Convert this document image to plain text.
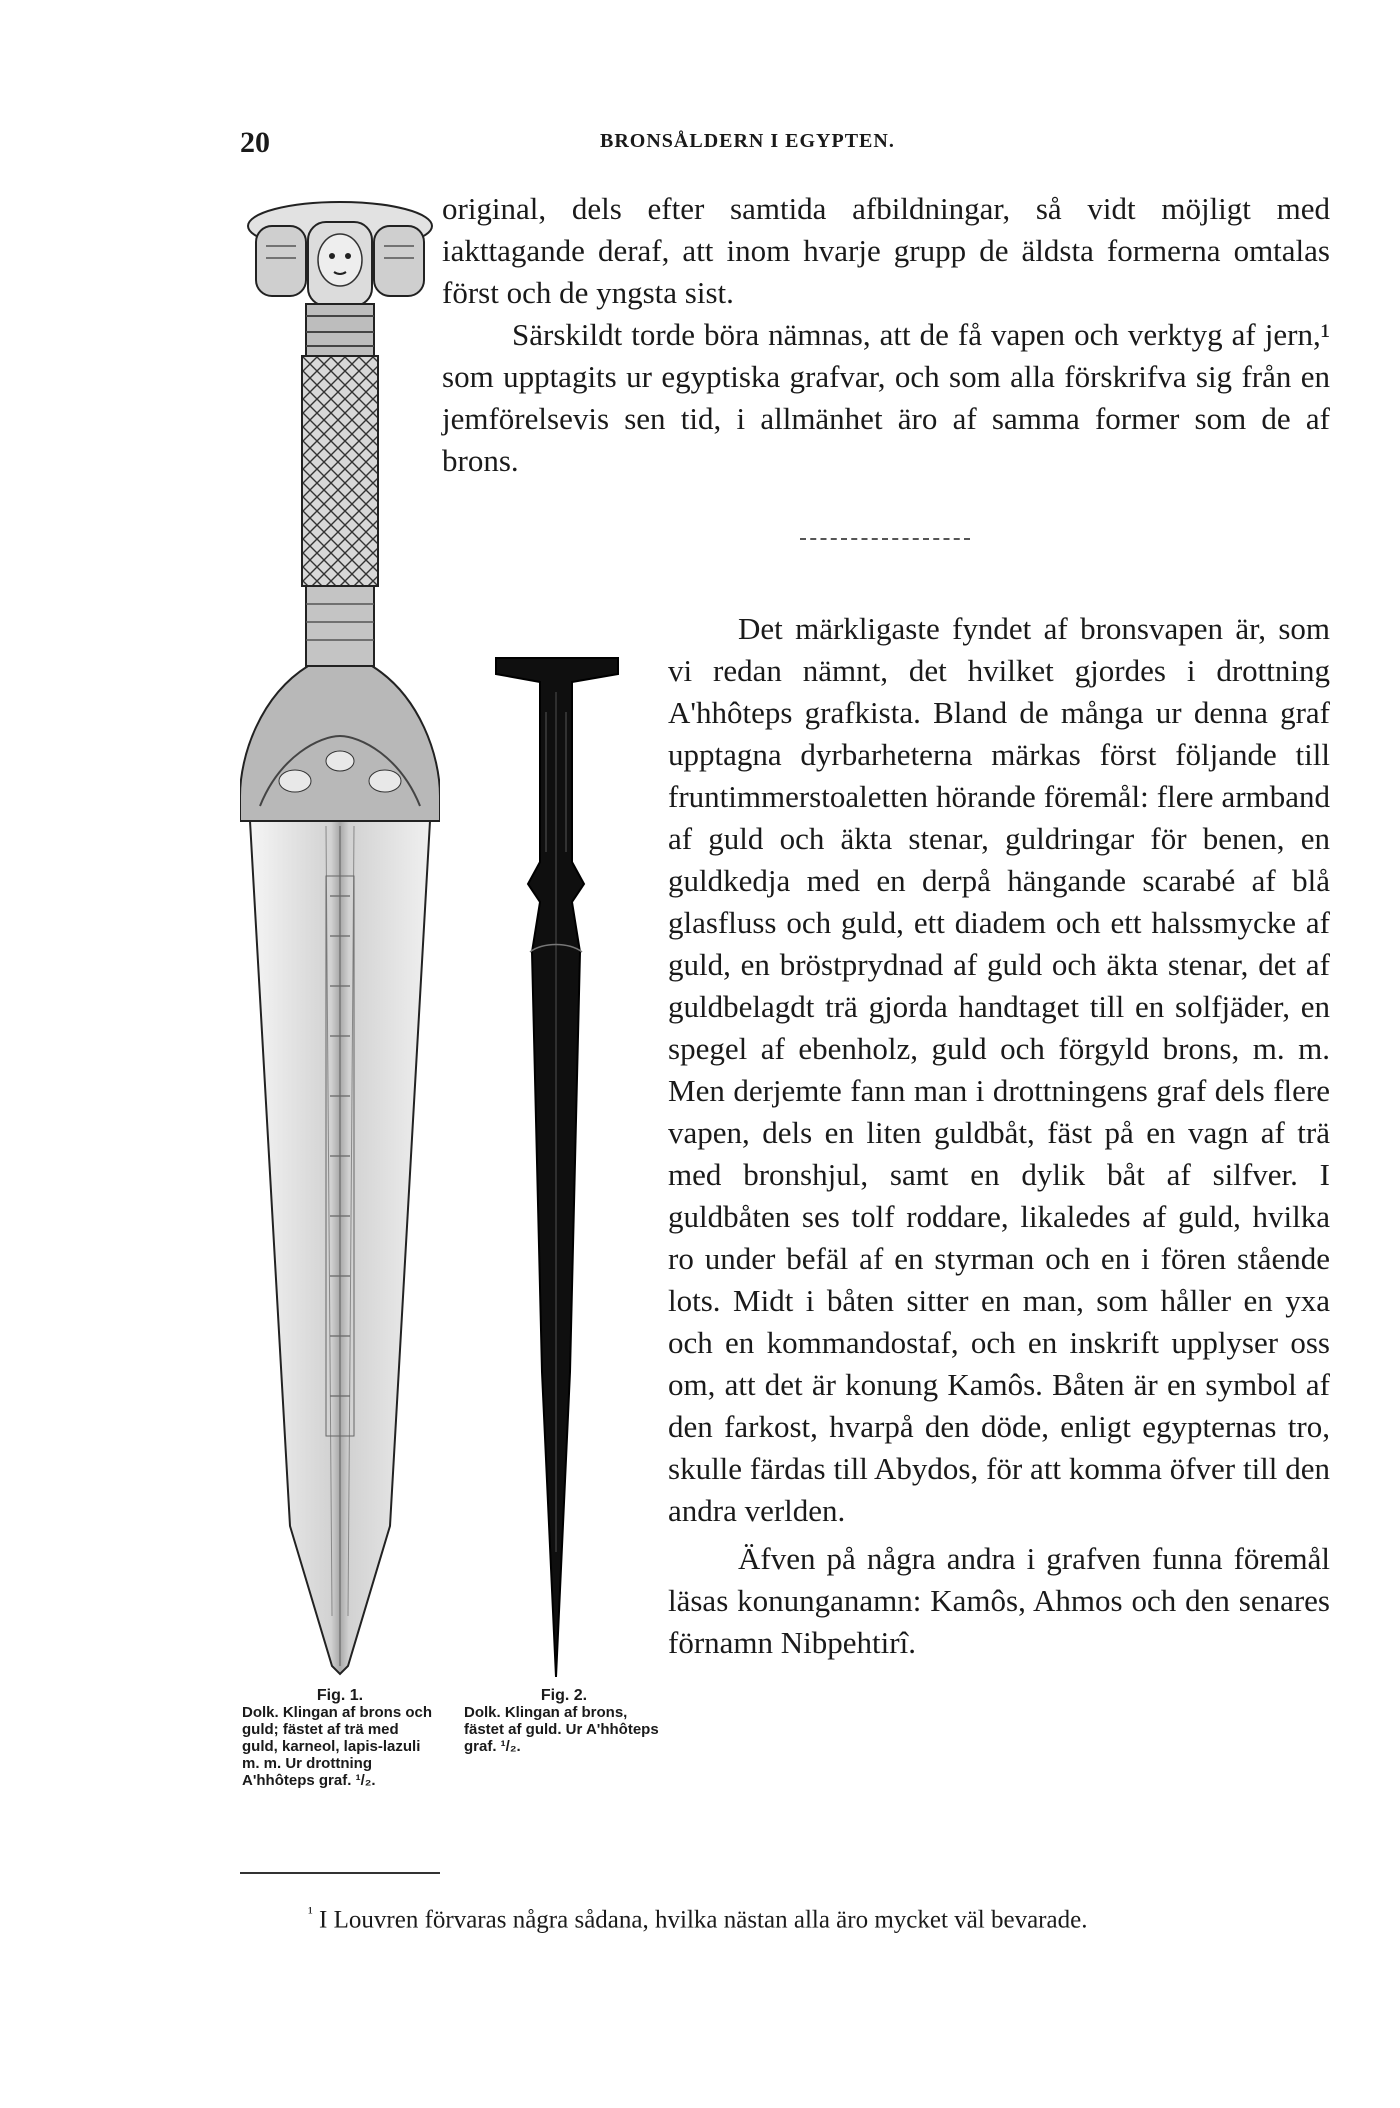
20	BRONSÅLDERN I EGYPTEN.

original, dels efter samtida afbildningar, så vidt möjligt med iakttagande deraf, att inom hvarje grupp de äldsta formerna omtalas först och de yngsta sist.

Särskildt torde böra nämnas, att de få vapen och verktyg af jern,¹ som upptagits ur egyptiska grafvar, och som alla förskrifva sig från en jemförelsevis sen tid, i allmänhet äro af samma former som de af brons.

Fig. 1.
Dolk. Klingan af brons och guld; fästet af trä med guld, karneol, lapis-lazuli m. m. Ur drottning A'hhôteps graf. ¹/₂.
Fig. 2.
Dolk. Klingan af brons, fästet af guld. Ur A'hhôteps graf. ¹/₂.

Det märkligaste fyndet af bronsvapen är, som vi redan nämnt, det hvilket gjordes i drottning A'hhôteps grafkista. Bland de många ur denna graf upptagna dyrbarheterna märkas först följande till fruntimmerstoaletten hörande föremål: flere armband af guld och äkta stenar, guldringar för benen, en guldkedja med en derpå hängande scarabé af blå glasfluss och guld, ett diadem och ett halssmycke af guld, en bröstprydnad af guld och äkta stenar, det af guldbelagdt trä gjorda handtaget till en solfjäder, en spegel af ebenholz, guld och förgyld brons, m. m. Men derjemte fann man i drottningens graf dels flere vapen, dels en liten guldbåt, fäst på en vagn af trä med bronshjul, samt en dylik båt af silfver. I guldbåten ses tolf roddare, likaledes af guld, hvilka ro under befäl af en styrman och en i fören stående lots. Midt i båten sitter en man, som håller en yxa och en kommandostaf, och en inskrift upplyser oss om, att det är konung Kamôs. Båten är en symbol af den farkost, hvarpå den döde, enligt egypternas tro, skulle färdas till Abydos, för att komma öfver till den andra verlden.

Äfven på några andra i grafven funna föremål läsas konunganamn: Kamôs, Ahmos och den senares förnamn Nibpehtirî.

$^{^1}$ I Louvren förvaras några sådana, hvilka nästan alla äro mycket väl bevarade.
